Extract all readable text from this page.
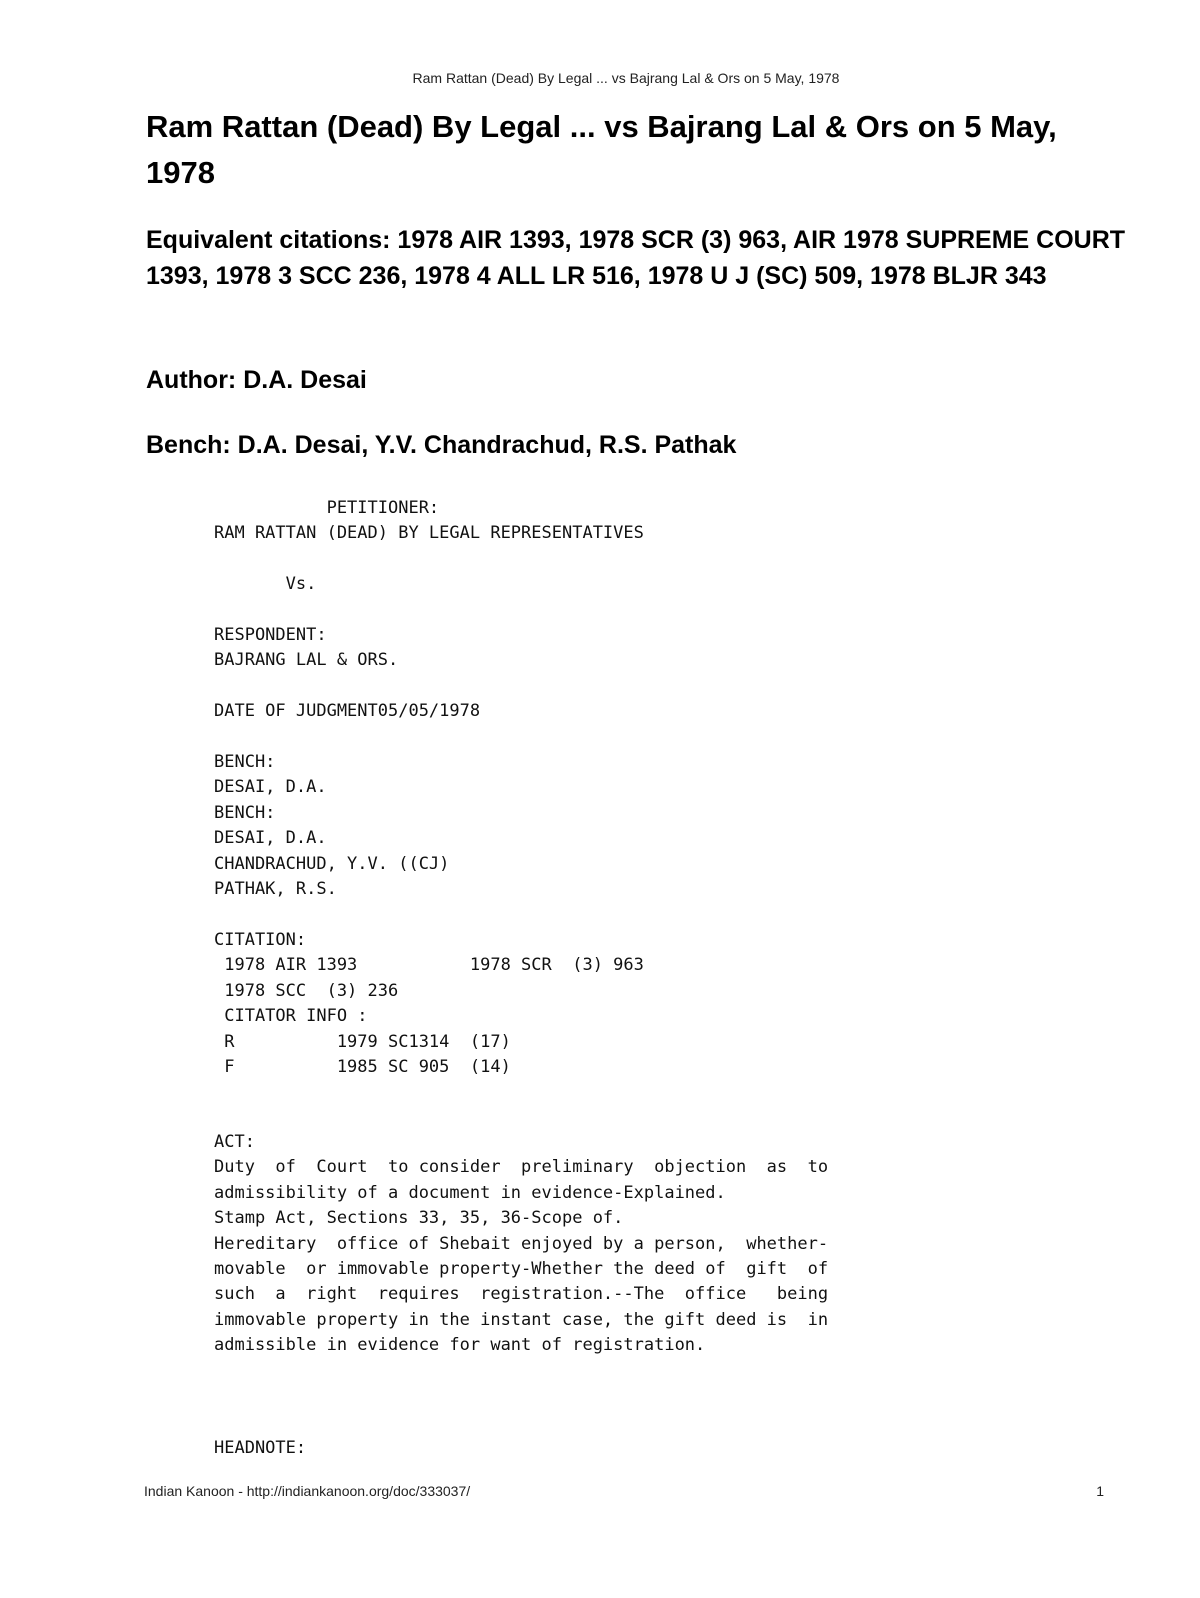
Ram Rattan (Dead) By Legal ... vs Bajrang Lal & Ors on 5 May, 1978
Ram Rattan (Dead) By Legal ... vs Bajrang Lal & Ors on 5 May, 1978
Equivalent citations: 1978 AIR 1393, 1978 SCR (3) 963, AIR 1978 SUPREME COURT 1393, 1978 3 SCC 236, 1978 4 ALL LR 516, 1978 U J (SC) 509, 1978 BLJR 343
Author: D.A. Desai
Bench: D.A. Desai, Y.V. Chandrachud, R.S. Pathak
PETITIONER:
RAM RATTAN (DEAD) BY LEGAL REPRESENTATIVES

Vs.

RESPONDENT:
BAJRANG LAL & ORS.

DATE OF JUDGMENT05/05/1978

BENCH:
DESAI, D.A.
BENCH:
DESAI, D.A.
CHANDRACHUD, Y.V. ((CJ)
PATHAK, R.S.

CITATION:
1978 AIR 1393           1978 SCR  (3) 963
1978 SCC  (3) 236
CITATOR INFO :
R          1979 SC1314  (17)
F          1985 SC 905  (14)
ACT:
Duty  of  Court  to consider  preliminary  objection  as  to
admissibility of a document in evidence-Explained.
Stamp Act, Sections 33, 35, 36-Scope of.
Hereditary  office of Shebait enjoyed by a person,  whether-
movable  or immovable property-Whether the deed of  gift  of
such  a  right  requires  registration.--The  office   being
immovable property in the instant case, the gift deed is  in
admissible in evidence for want of registration.
HEADNOTE:
Indian Kanoon - http://indiankanoon.org/doc/333037/	1
